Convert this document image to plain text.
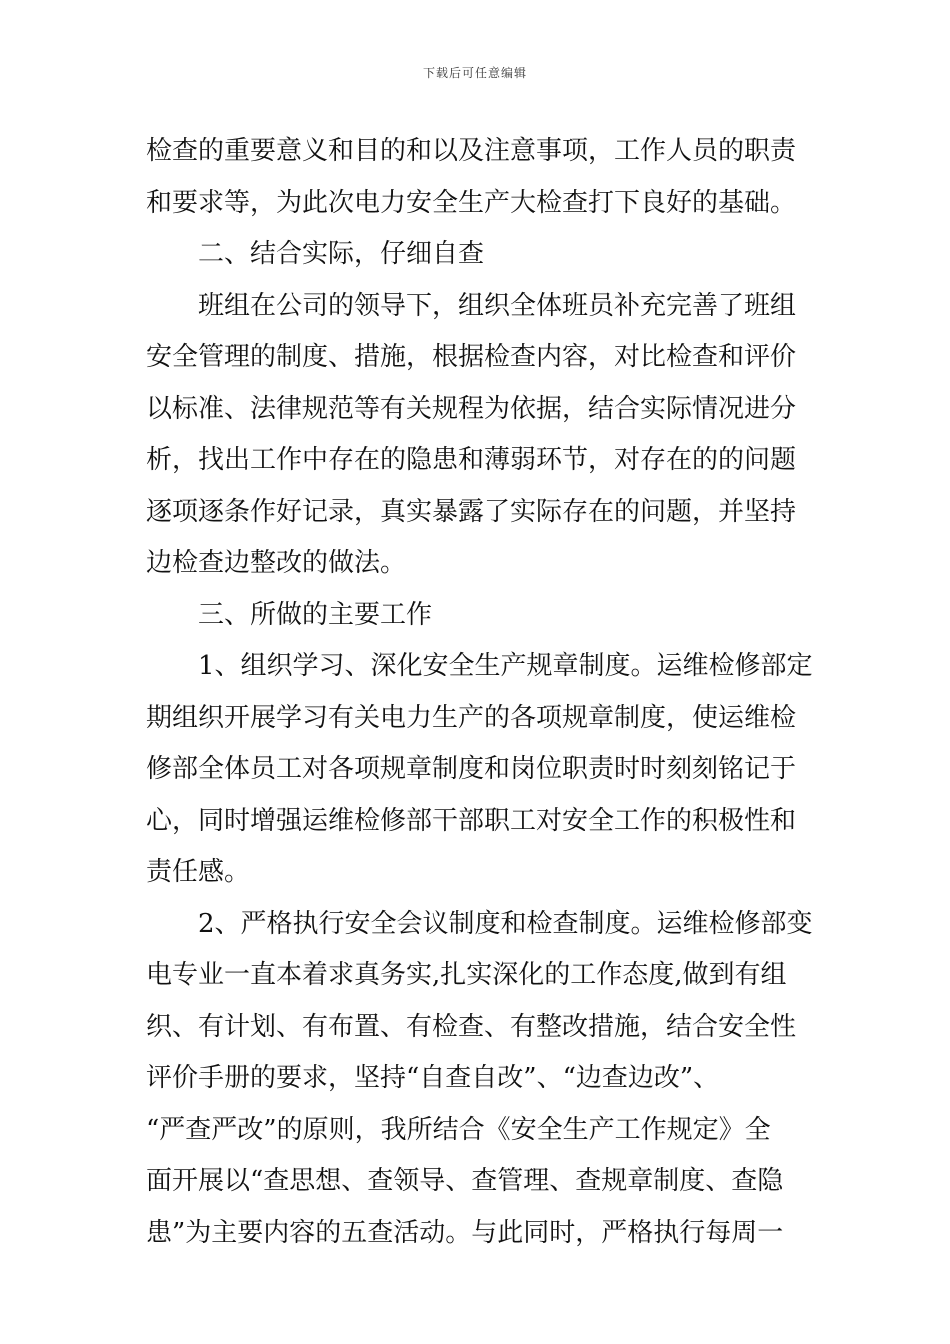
下载后可任意编辑
检查的重要意义和目的和以及注意事项，工作人员的职责
和要求等，为此次电力安全生产大检查打下良好的基础。
二、结合实际，仔细自查
班组在公司的领导下，组织全体班员补充完善了班组
安全管理的制度、措施，根据检查内容，对比检查和评价
以标准、法律规范等有关规程为依据，结合实际情况进分
析，找出工作中存在的隐患和薄弱环节，对存在的的问题
逐项逐条作好记录，真实暴露了实际存在的问题，并坚持
边检查边整改的做法。
三、所做的主要工作
1、组织学习、深化安全生产规章制度。运维检修部定
期组织开展学习有关电力生产的各项规章制度，使运维检
修部全体员工对各项规章制度和岗位职责时时刻刻铭记于
心，同时增强运维检修部干部职工对安全工作的积极性和
责任感。
2、严格执行安全会议制度和检查制度。运维检修部变
电专业一直本着求真务实,扎实深化的工作态度,做到有组
织、有计划、有布置、有检查、有整改措施，结合安全性
评价手册的要求，坚持“自查自改”、“边查边改”、
“严查严改”的原则，我所结合《安全生产工作规定》全
面开展以“查思想、查领导、查管理、查规章制度、查隐
患”为主要内容的五查活动。与此同时，严格执行每周一
